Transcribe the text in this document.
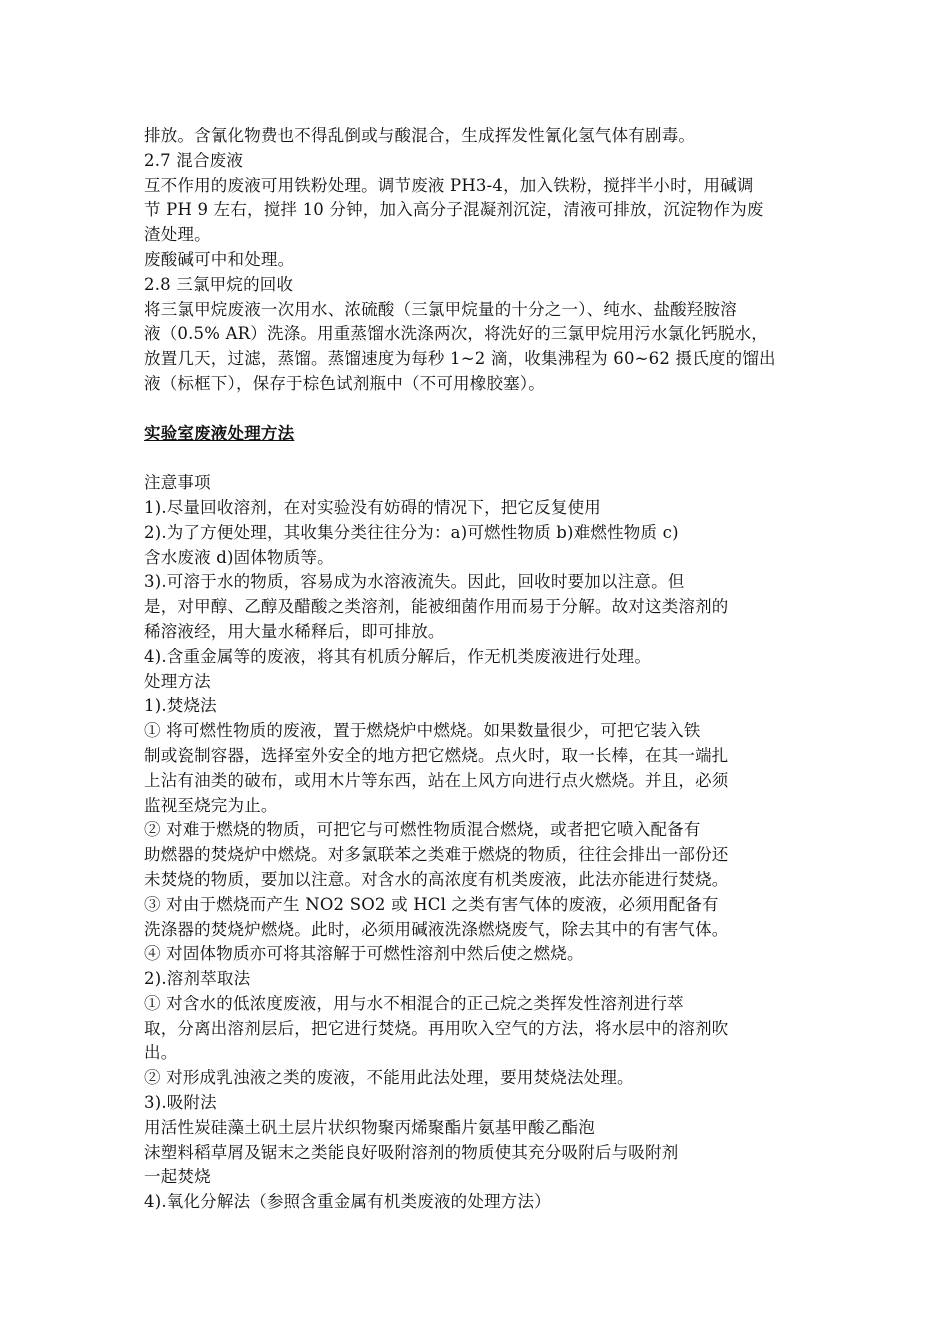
排放。含氰化物费也不得乱倒或与酸混合，生成挥发性氰化氢气体有剧毒。
2.7 混合废液
互不作用的废液可用铁粉处理。调节废液 PH3-4，加入铁粉，搅拌半小时，用碱调
节 PH 9 左右，搅拌 10 分钟，加入高分子混凝剂沉淀，清液可排放，沉淀物作为废
渣处理。
废酸碱可中和处理。
2.8 三氯甲烷的回收
将三氯甲烷废液一次用水、浓硫酸（三氯甲烷量的十分之一）、纯水、盐酸羟胺溶
液（0.5% AR）洗涤。用重蒸馏水洗涤两次，将洗好的三氯甲烷用污水氯化钙脱水，
放置几天，过滤，蒸馏。蒸馏速度为每秒 1~2 滴，收集沸程为 60~62 摄氏度的馏出
液（标框下），保存于棕色试剂瓶中（不可用橡胶塞）。
实验室废液处理方法
注意事项
1).尽量回收溶剂，在对实验没有妨碍的情况下，把它反复使用
2).为了方便处理，其收集分类往往分为：a)可燃性物质 b)难燃性物质 c)
含水废液 d)固体物质等。
3).可溶于水的物质，容易成为水溶液流失。因此，回收时要加以注意。但
是，对甲醇、乙醇及醋酸之类溶剂，能被细菌作用而易于分解。故对这类溶剂的
稀溶液经，用大量水稀释后，即可排放。
4).含重金属等的废液，将其有机质分解后，作无机类废液进行处理。
处理方法
1).焚烧法
① 将可燃性物质的废液，置于燃烧炉中燃烧。如果数量很少，可把它装入铁
制或瓷制容器，选择室外安全的地方把它燃烧。点火时，取一长棒，在其一端扎
上沾有油类的破布，或用木片等东西，站在上风方向进行点火燃烧。并且，必须
监视至烧完为止。
② 对难于燃烧的物质，可把它与可燃性物质混合燃烧，或者把它喷入配备有
助燃器的焚烧炉中燃烧。对多氯联苯之类难于燃烧的物质，往往会排出一部份还
未焚烧的物质，要加以注意。对含水的高浓度有机类废液，此法亦能进行焚烧。
③ 对由于燃烧而产生 NO2 SO2 或 HCl 之类有害气体的废液，必须用配备有
洗涤器的焚烧炉燃烧。此时，必须用碱液洗涤燃烧废气，除去其中的有害气体。
④ 对固体物质亦可将其溶解于可燃性溶剂中然后使之燃烧。
2).溶剂萃取法
① 对含水的低浓度废液，用与水不相混合的正己烷之类挥发性溶剂进行萃
取，分离出溶剂层后，把它进行焚烧。再用吹入空气的方法，将水层中的溶剂吹
出。
② 对形成乳浊液之类的废液，不能用此法处理，要用焚烧法处理。
3).吸附法
用活性炭硅藻土矾土层片状织物聚丙烯聚酯片氨基甲酸乙酯泡
沫塑料稻草屑及锯末之类能良好吸附溶剂的物质使其充分吸附后与吸附剂
一起焚烧
4).氧化分解法（参照含重金属有机类废液的处理方法）
